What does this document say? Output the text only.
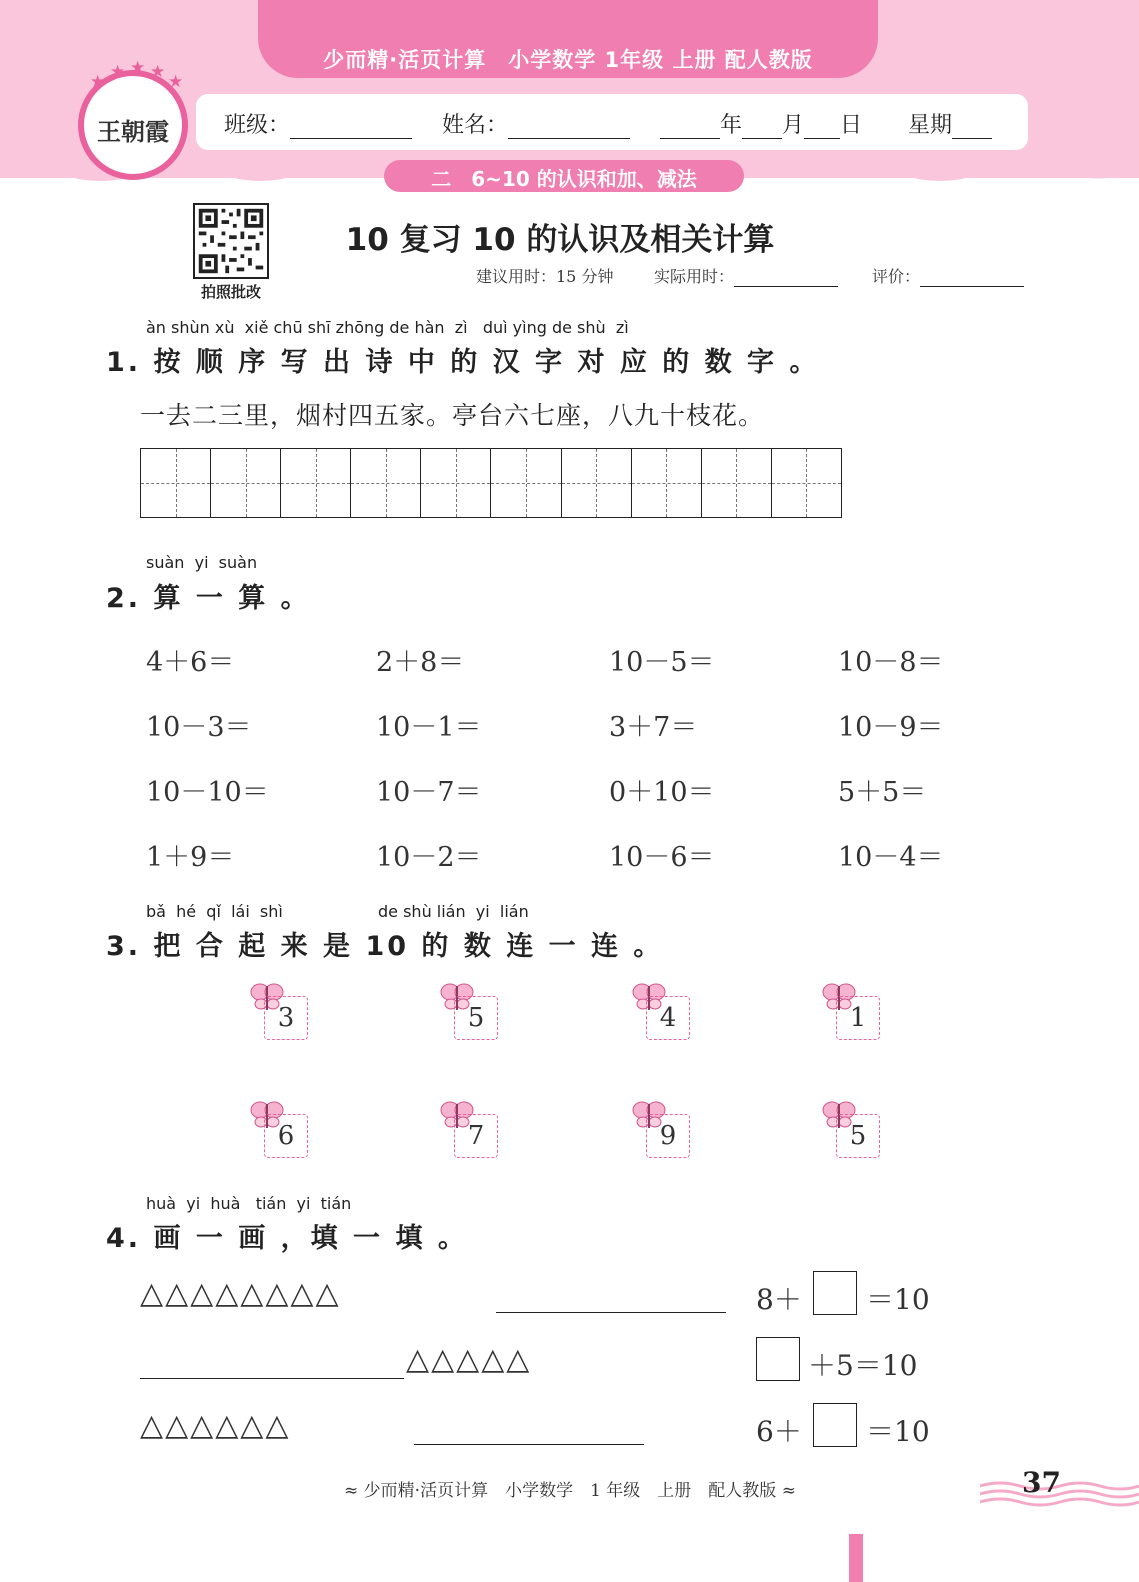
少而精·活页计算　小学数学 1年级 上册 配人教版
班级：	姓名：	年 月 日 星期
二　6~10 的认识和加、减法
★ ★ ★ ★ ★
王朝霞
拍照批改
10 复习 10 的认识及相关计算
建议用时：15 分钟	实际用时：	评价：
àn shùn xù  xiě chū shī zhōng de hàn  zì   duì yìng de shù  zì
1. 按 顺 序 写 出 诗 中 的 汉 字 对 应 的 数 字 。
一去二三里，烟村四五家。亭台六七座，八九十枝花。
suàn  yi  suàn
2. 算 一 算 。
4＋6＝	2＋8＝	10－5＝	10－8＝
10－3＝	10－1＝	3＋7＝	10－9＝
10－10＝	10－7＝	0＋10＝	5＋5＝
1＋9＝	10－2＝	10－6＝	10－4＝
bǎ  hé  qǐ  lái  shì	de shù lián  yi  lián
3. 把 合 起 来 是 10 的 数 连 一 连 。
3	5	4	1
6	7	9	5
huà  yi  huà   tián  yi  tián
4. 画 一 画 ，填 一 填 。
△△△△△△△△	8＋ ＝10
△△△△△	＋5＝10
△△△△△△	6＋ ＝10
≈ 少而精·活页计算　小学数学　1 年级　上册　配人教版 ≈	37
